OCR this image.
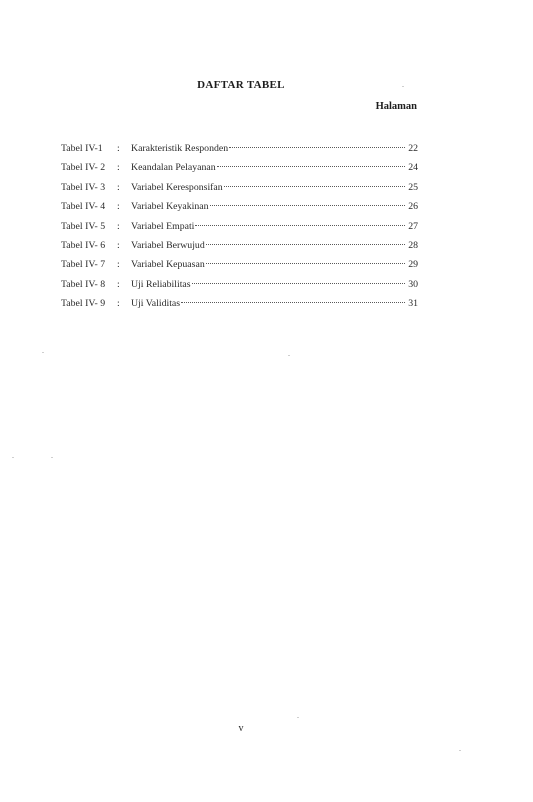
DAFTAR TABEL
Halaman
Tabel IV-1	:	Karakteristik Responden	22
Tabel IV- 2	:	Keandalan Pelayanan	24
Tabel IV- 3	:	Variabel Keresponsifan	25
Tabel IV- 4	:	Variabel Keyakinan	26
Tabel IV- 5	:	Variabel Empati	27
Tabel IV- 6	:	Variabel Berwujud	28
Tabel IV- 7	:	Variabel Kepuasan	29
Tabel IV- 8	:	Uji Reliabilitas	30
Tabel IV- 9	:	Uji Validitas	31
v
